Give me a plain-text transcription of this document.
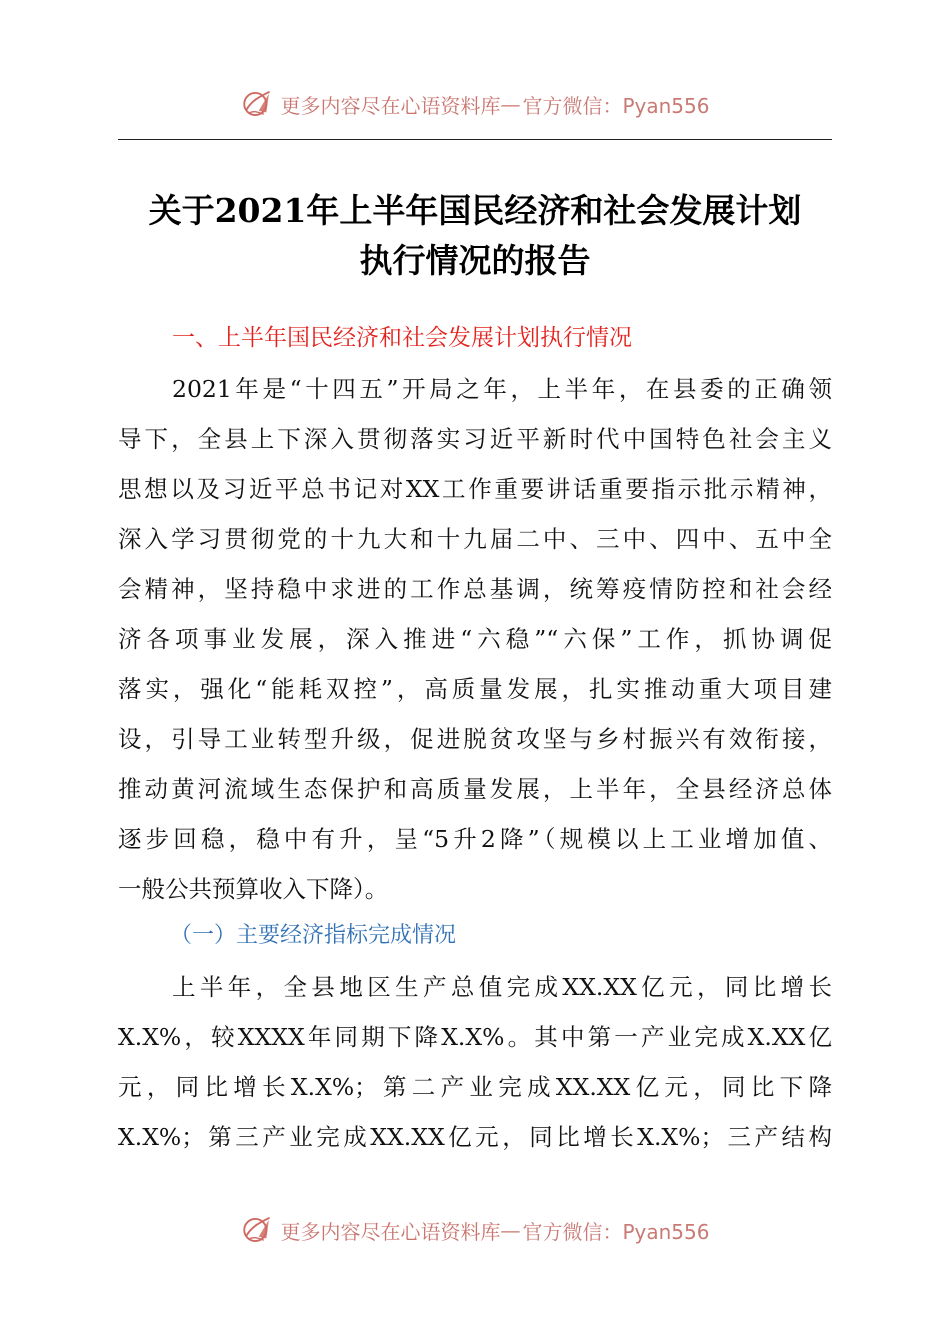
更多内容尽在心语资料库 — 官方微信：Pyan556
关于2021年上半年国民经济和社会发展计划
执行情况的报告
一、上半年国民经济和社会发展计划执行情况
2021年是“十四五”开局之年，上半年，在县委的正确领
导下，全县上下深入贯彻落实习近平新时代中国特色社会主义
思想以及习近平总书记对XX工作重要讲话重要指示批示精神，
深入学习贯彻党的十九大和十九届二中、三中、四中、五中全
会精神，坚持稳中求进的工作总基调，统筹疫情防控和社会经
济各项事业发展，深入推进“六稳”“六保”工作，抓协调促
落实，强化“能耗双控”，高质量发展，扎实推动重大项目建
设，引导工业转型升级，促进脱贫攻坚与乡村振兴有效衔接，
推动黄河流域生态保护和高质量发展，上半年，全县经济总体
逐步回稳，稳中有升，呈“5升2降”（规模以上工业增加值、
一般公共预算收入下降）。
（一）主要经济指标完成情况
上半年，全县地区生产总值完成XX.XX亿元，同比增长
X.X%，较XXXX年同期下降X.X%。其中第一产业完成X.XX亿
元，同比增长X.X%；第二产业完成XX.XX亿元，同比下降
X.X%；第三产业完成XX.XX亿元，同比增长X.X%；三产结构
更多内容尽在心语资料库 — 官方微信：Pyan556
